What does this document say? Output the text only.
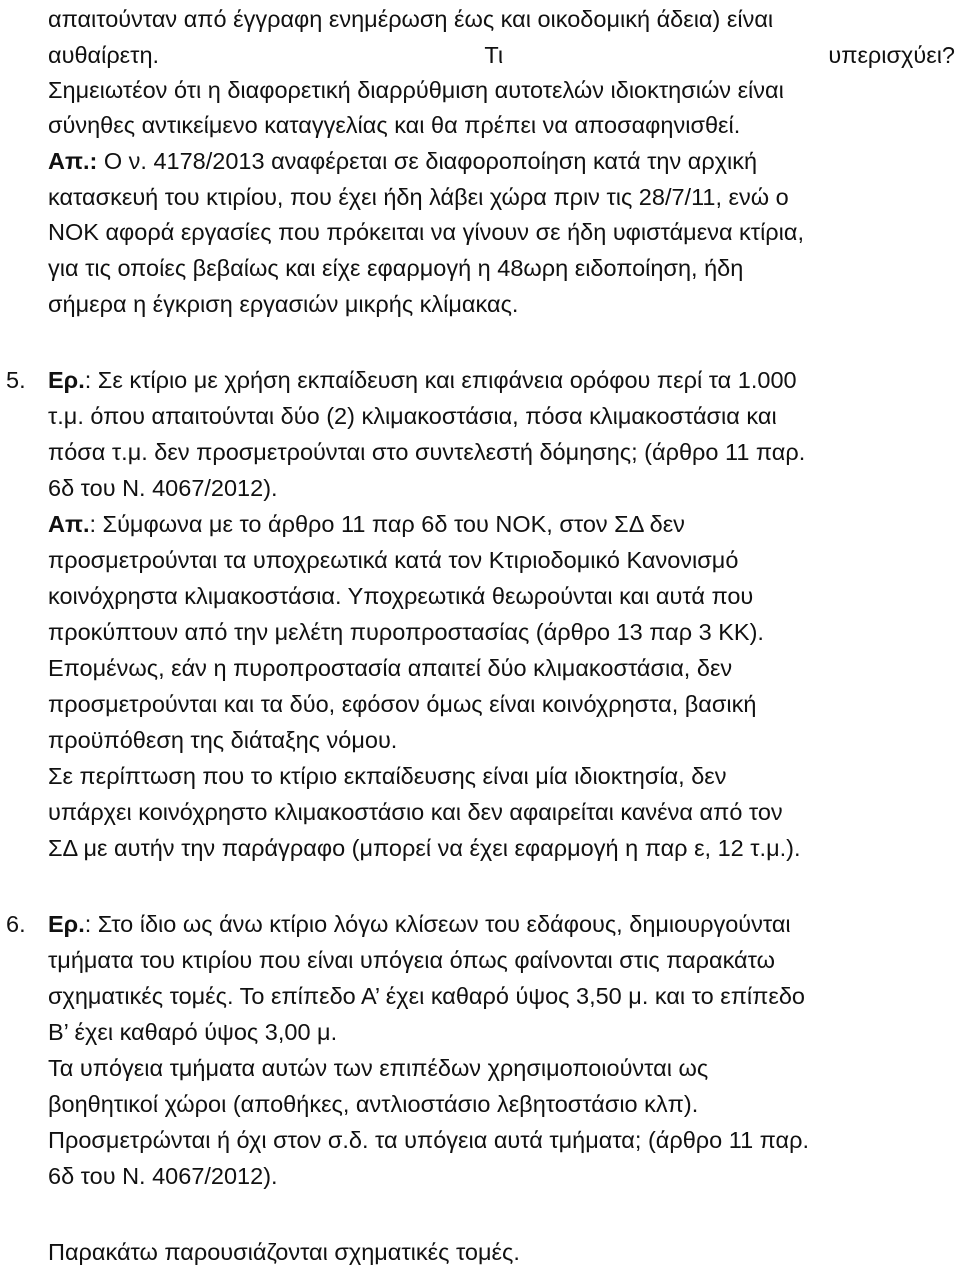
απαιτούνταν από έγγραφη ενημέρωση έως και οικοδομική άδεια) είναι
αυθαίρετη.	Τι	υπερισχύει?
Σημειωτέον ότι η διαφορετική διαρρύθμιση αυτοτελών ιδιοκτησιών είναι
σύνηθες αντικείμενο καταγγελίας και θα πρέπει να αποσαφηνισθεί.
Απ.: Ο ν. 4178/2013 αναφέρεται σε διαφοροποίηση κατά την αρχική
κατασκευή του κτιρίου, που έχει ήδη λάβει χώρα πριν τις 28/7/11, ενώ ο
ΝΟΚ αφορά εργασίες που πρόκειται να γίνουν σε ήδη υφιστάμενα κτίρια,
για τις οποίες βεβαίως και είχε εφαρμογή η 48ωρη ειδοποίηση, ήδη
σήμερα η έγκριση εργασιών μικρής κλίμακας.
5. Ερ.: Σε κτίριο με χρήση εκπαίδευση και επιφάνεια ορόφου περί τα 1.000
τ.μ. όπου απαιτούνται δύο (2) κλιμακοστάσια, πόσα κλιμακοστάσια και
πόσα τ.μ. δεν προσμετρούνται στο συντελεστή δόμησης; (άρθρο 11 παρ.
6δ του Ν. 4067/2012).
Απ.: Σύμφωνα με το άρθρο 11 παρ 6δ του ΝΟΚ, στον ΣΔ δεν
προσμετρούνται τα υποχρεωτικά κατά τον Κτιριοδομικό Κανονισμό
κοινόχρηστα κλιμακοστάσια. Υποχρεωτικά θεωρούνται και αυτά που
προκύπτουν από την μελέτη πυροπροστασίας (άρθρο 13 παρ 3 ΚΚ).
Επομένως, εάν η πυροπροστασία απαιτεί δύο κλιμακοστάσια, δεν
προσμετρούνται και τα δύο, εφόσον όμως είναι κοινόχρηστα, βασική
προϋπόθεση της διάταξης νόμου.
Σε περίπτωση που το κτίριο εκπαίδευσης είναι μία ιδιοκτησία, δεν
υπάρχει κοινόχρηστο κλιμακοστάσιο και δεν αφαιρείται κανένα από τον
ΣΔ με αυτήν την παράγραφο (μπορεί να έχει εφαρμογή η παρ ε, 12 τ.μ.).
6. Ερ.: Στο ίδιο ως άνω κτίριο λόγω κλίσεων του εδάφους, δημιουργούνται
τμήματα του κτιρίου που είναι υπόγεια όπως φαίνονται στις παρακάτω
σχηματικές τομές. Το επίπεδο Α’ έχει καθαρό ύψος 3,50 μ. και το επίπεδο
Β’ έχει καθαρό ύψος 3,00 μ.
Τα υπόγεια τμήματα αυτών των επιπέδων χρησιμοποιούνται ως
βοηθητικοί χώροι (αποθήκες, αντλιοστάσιο λεβητοστάσιο κλπ).
Προσμετρώνται ή όχι στον σ.δ. τα υπόγεια αυτά τμήματα; (άρθρο 11 παρ.
6δ του Ν. 4067/2012).
Παρακάτω παρουσιάζονται σχηματικές τομές.
